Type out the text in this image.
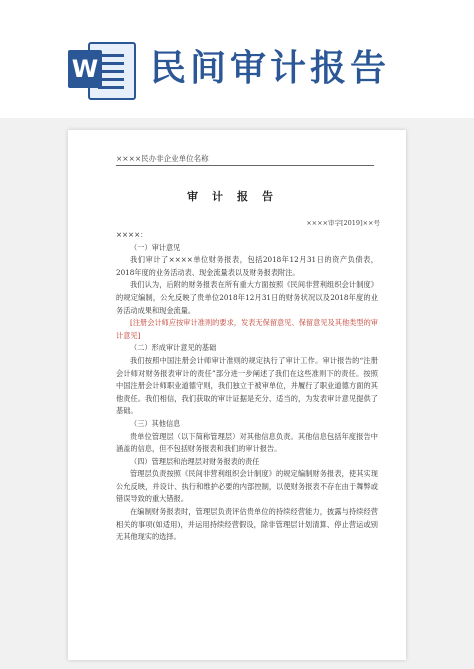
W 民间审计报告
××××民办非企业单位名称
审计报告
××××审字[2019]××号

××××：

（一）审计意见

我们审计了××××单位财务报表，包括2018年12月31日的资产负债表，2018年度的业务活动表、现金流量表以及财务报表附注。

我们认为，后附的财务报表在所有重大方面按照《民间非营利组织会计制度》的规定编制，公允反映了贵单位2018年12月31日的财务状况以及2018年度的业务活动成果和现金流量。

[注册会计师应按审计准则的要求，发表无保留意见、保留意见及其他类型的审计意见]

（二）形成审计意见的基础

我们按照中国注册会计师审计准则的规定执行了审计工作。审计报告的“注册会计师对财务报表审计的责任”部分进一步阐述了我们在这些准则下的责任。按照中国注册会计师职业道德守则，我们独立于被审单位，并履行了职业道德方面的其他责任。我们相信，我们获取的审计证据是充分、适当的，为发表审计意见提供了基础。

（三）其他信息

贵单位管理层（以下简称管理层）对其他信息负责。其他信息包括年度报告中涵盖的信息，但不包括财务报表和我们的审计报告。

（四）管理层和治理层对财务报表的责任

管理层负责按照《民间非营利组织会计制度》的规定编制财务报表，使其实现公允反映，并设计、执行和维护必要的内部控制，以使财务报表不存在由于舞弊或错误导致的重大错报。

在编制财务报表时，管理层负责评估贵单位的持续经营能力，披露与持续经营相关的事项(如适用)，并运用持续经营假设，除非管理层计划清算、停止营运或别无其他现实的选择。
